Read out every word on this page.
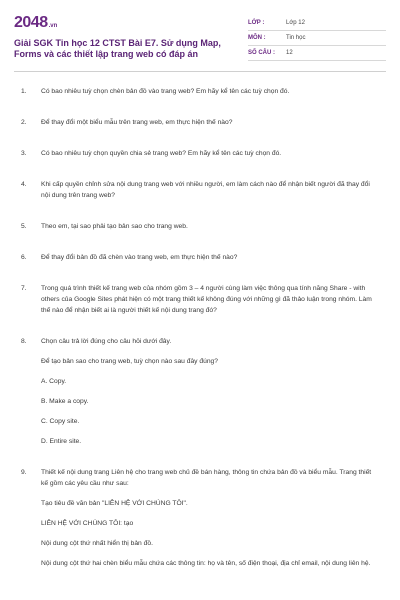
2048 .vn
Giải SGK Tin học 12 CTST Bài E7. Sử dụng Map, Forms và các thiết lập trang web có đáp án
LỚP :	Lớp 12
MÔN :	Tin học
SỐ CÂU :	12
1.	Có bao nhiêu tuỳ chọn chèn bản đồ vào trang web? Em hãy kể tên các tuỳ chọn đó.
2.	Để thay đổi một biểu mẫu trên trang web, em thực hiện thế nào?
3.	Có bao nhiêu tuỳ chọn quyền chia sẻ trang web? Em hãy kể tên các tuỳ chọn đó.
4.	Khi cấp quyền chỉnh sửa nội dung trang web với nhiều người, em làm cách nào để nhận biết người đã thay đổi nội dung trên trang web?
5.	Theo em, tại sao phải tạo bản sao cho trang web.
6.	Để thay đổi bản đồ đã chèn vào trang web, em thực hiện thế nào?
7.	Trong quá trình thiết kế trang web của nhóm gồm 3 – 4 người cùng làm việc thông qua tính năng Share - with others của Google Sites phát hiện có một trang thiết kế không đúng với những gì đã thảo luận trong nhóm. Làm thế nào để nhận biết ai là người thiết kế nội dung trang đó?
8.	Chọn câu trả lời đúng cho câu hỏi dưới đây.
Để tạo bản sao cho trang web, tuỳ chọn nào sau đây đúng?
A. Copy.
B. Make a copy.
C. Copy site.
D. Entire site.
9.	Thiết kế nội dung trang Liên hệ cho trang web chủ đề bán hàng, thông tin chứa bản đồ và biểu mẫu. Trang thiết kế gồm các yêu cầu như sau:
Tạo tiêu đề văn bản "LIÊN HỆ VỚI CHÚNG TÔI".
LIÊN HỆ VỚI CHÚNG TÔI: tạo
Nội dung cột thứ nhất hiển thị bản đồ.
Nội dung cột thứ hai chèn biểu mẫu chứa các thông tin: họ và tên, số điện thoại, địa chỉ email, nội dung liên hệ.
